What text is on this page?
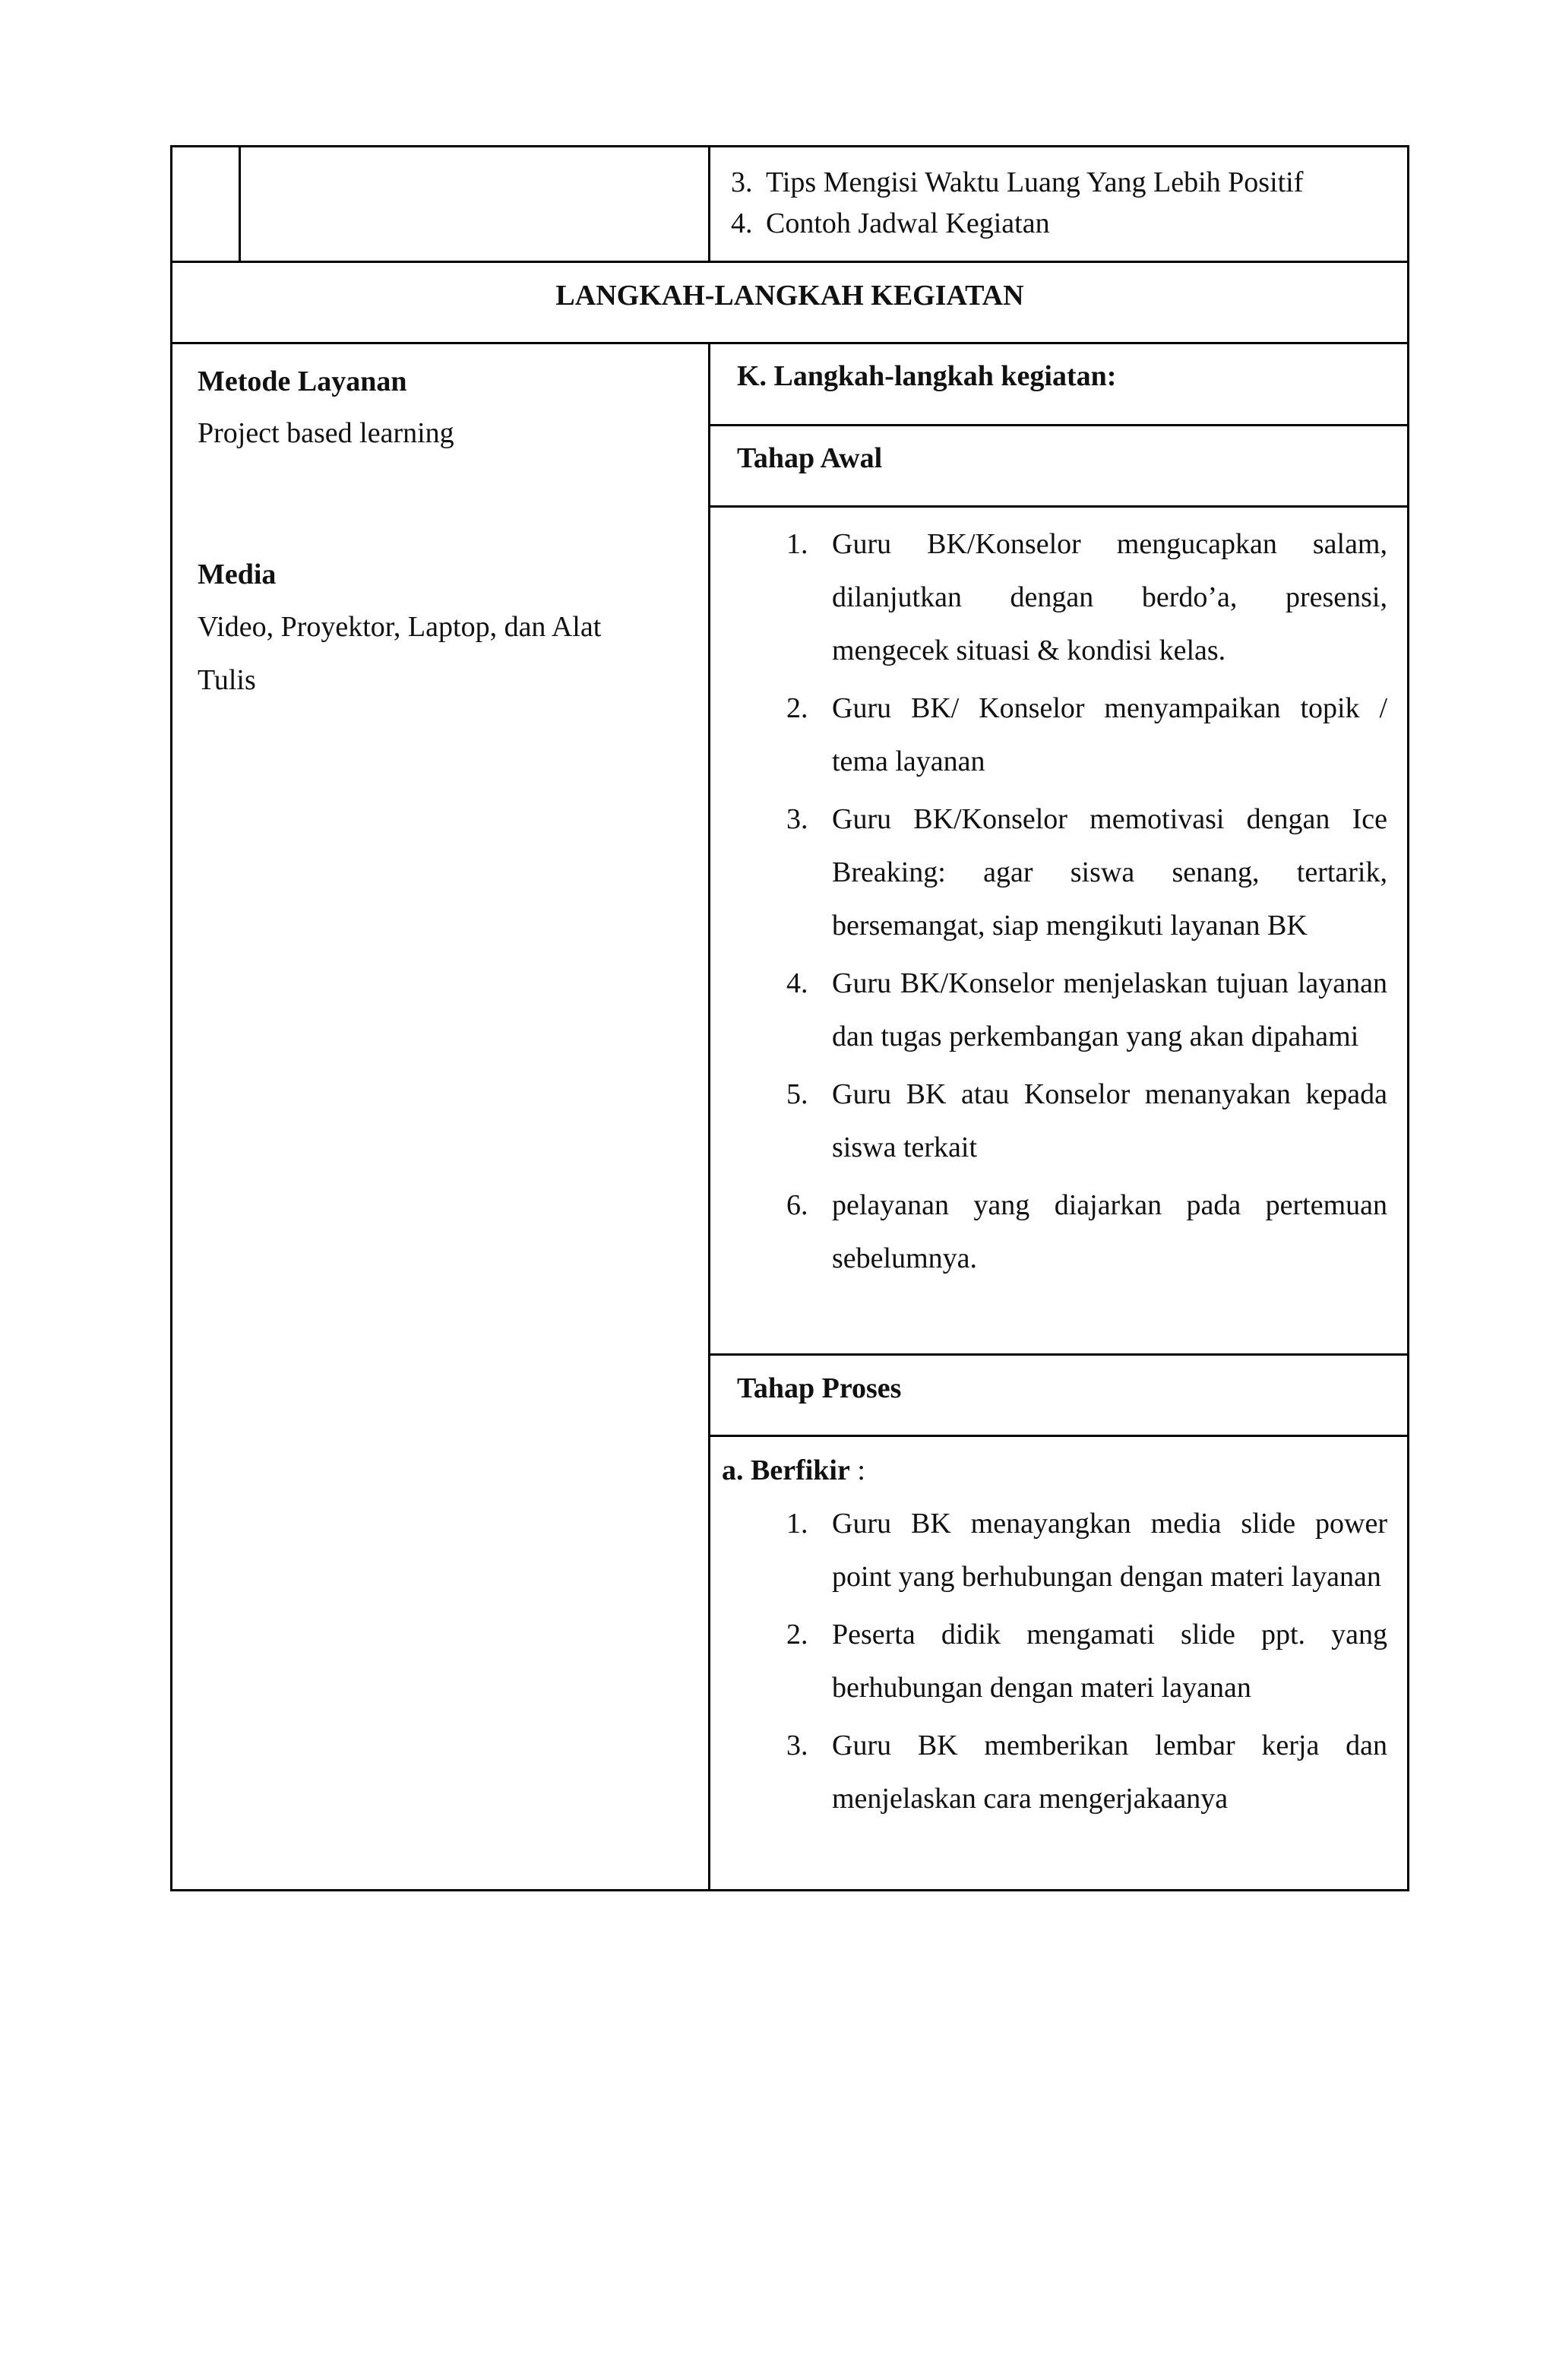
3. Tips Mengisi Waktu Luang Yang Lebih Positif
4. Contoh Jadwal Kegiatan
LANGKAH-LANGKAH KEGIATAN
Metode Layanan
Project based learning
Media
Video, Proyektor, Laptop, dan Alat Tulis
K. Langkah-langkah kegiatan:
Tahap Awal
1. Guru BK/Konselor mengucapkan salam, dilanjutkan dengan berdo’a, presensi, mengecek situasi & kondisi kelas.
2. Guru BK/ Konselor menyampaikan topik / tema layanan
3. Guru BK/Konselor memotivasi dengan Ice Breaking: agar siswa senang, tertarik, bersemangat, siap mengikuti layanan BK
4. Guru BK/Konselor menjelaskan tujuan layanan dan tugas perkembangan yang akan dipahami
5. Guru BK atau Konselor menanyakan kepada siswa terkait
6. pelayanan yang diajarkan pada pertemuan sebelumnya.
Tahap Proses
a. Berfikir :
1. Guru BK menayangkan media slide power point yang berhubungan dengan materi layanan
2. Peserta didik mengamati slide ppt. yang berhubungan dengan materi layanan
3. Guru BK memberikan lembar kerja dan menjelaskan cara mengerjakaanya
